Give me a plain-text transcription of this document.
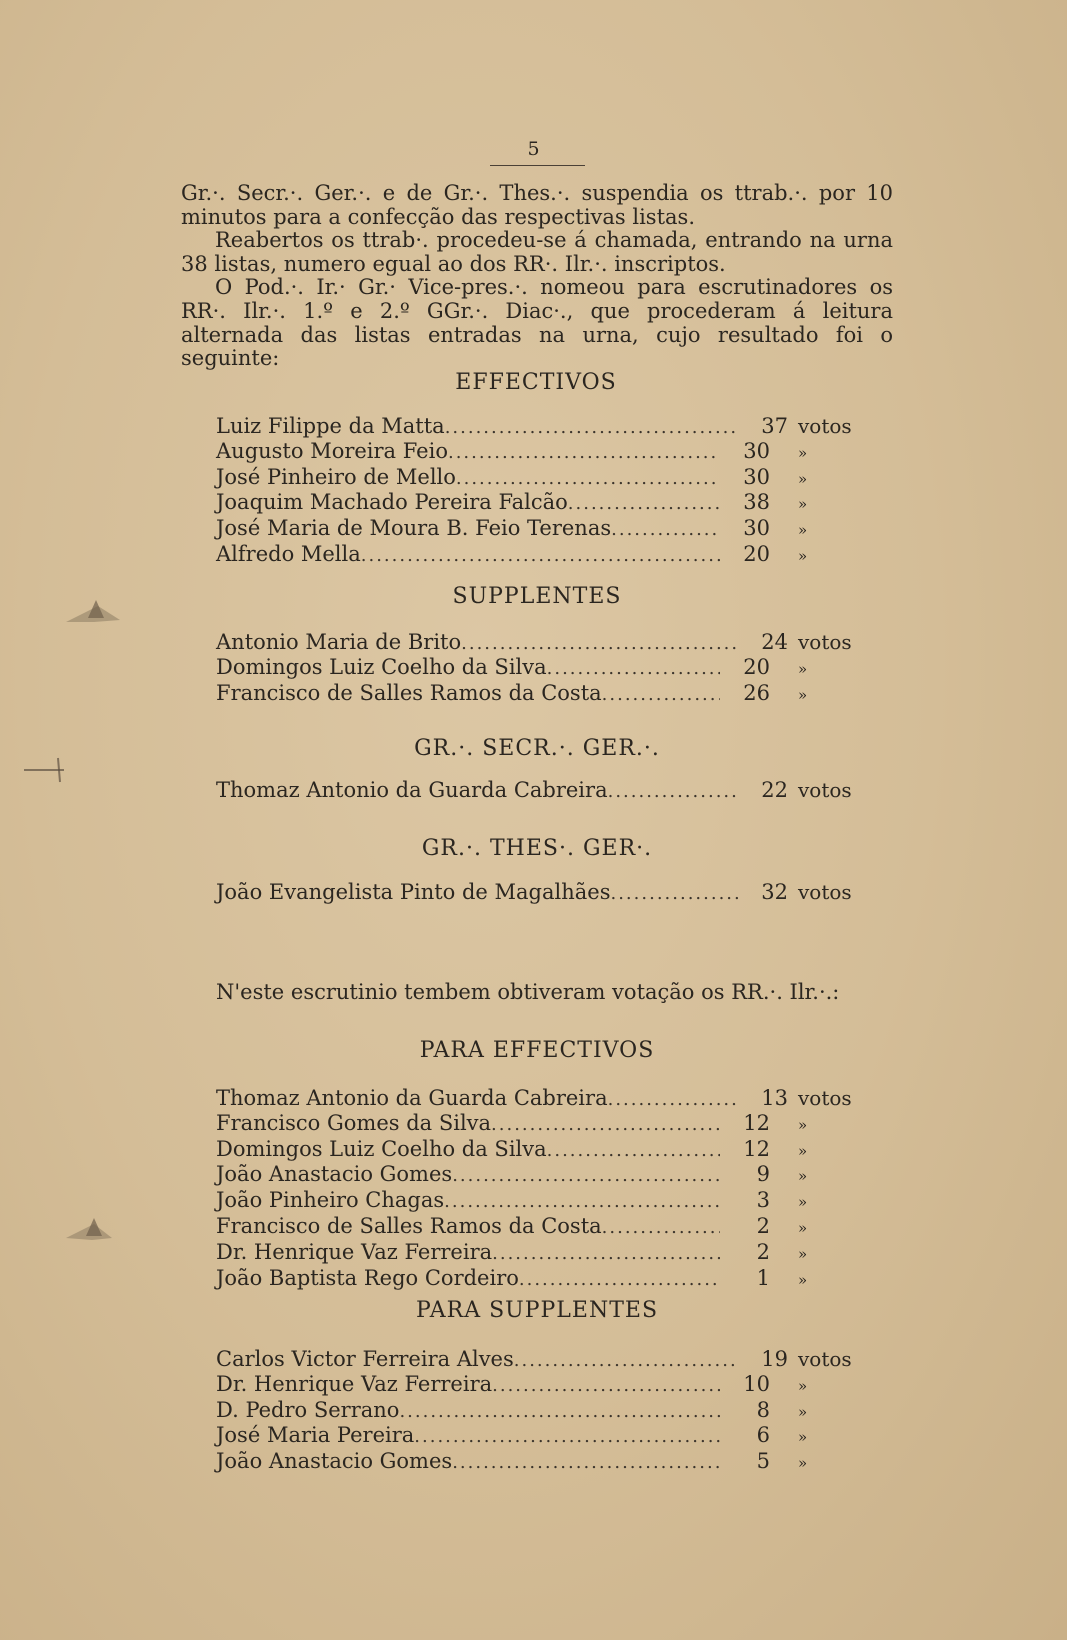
5

Gr.·. Secr.·. Ger.·. e de Gr.·. Thes.·. suspendia os ttrab.·. por 10 minutos para a confecção das respectivas listas.

Reabertos os ttrab·. procedeu-se á chamada, entrando na urna 38 listas, numero egual ao dos RR·. Ilr.·. inscriptos.

O Pod.·. Ir.· Gr.· Vice-pres.·. nomeou para escrutinadores os RR·. Ilr.·. 1.º e 2.º GGr.·. Diac·., que procederam á leitura alternada das listas entradas na urna, cujo resultado foi o seguinte:

EFFECTIVOS
Luiz Filippe da Matta .....	37 votos
Augusto Moreira Feio .....	30	»
José Pinheiro de Mello .....	30	»
Joaquim Machado Pereira Falcão .....	38	»
José Maria de Moura B. Feio Terenas .....	30	»
Alfredo Mella .....	20	»
SUPPLENTES
Antonio Maria de Brito .....	24 votos
Domingos Luiz Coelho da Silva .....	20	»
Francisco de Salles Ramos da Costa .....	26	»
GR.·. SECR.·. GER.·.
Thomaz Antonio da Guarda Cabreira .....	22 votos
GR.·. THES·. GER·.
João Evangelista Pinto de Magalhães .....	32 votos
N'este escrutinio tembem obtiveram votação os RR.·. Ilr.·.:
PARA EFFECTIVOS
Thomaz Antonio da Guarda Cabreira .....	13 votos
Francisco Gomes da Silva .....	12	»
Domingos Luiz Coelho da Silva .....	12	»
João Anastacio Gomes .....	9	»
João Pinheiro Chagas .....	3	»
Francisco de Salles Ramos da Costa .....	2	»
Dr. Henrique Vaz Ferreira .....	2	»
João Baptista Rego Cordeiro .....	1	»
PARA SUPPLENTES
Carlos Victor Ferreira Alves .....	19 votos
Dr. Henrique Vaz Ferreira .....	10	»
D. Pedro Serrano .....	8	»
José Maria Pereira .....	6	»
João Anastacio Gomes .....	5	»
